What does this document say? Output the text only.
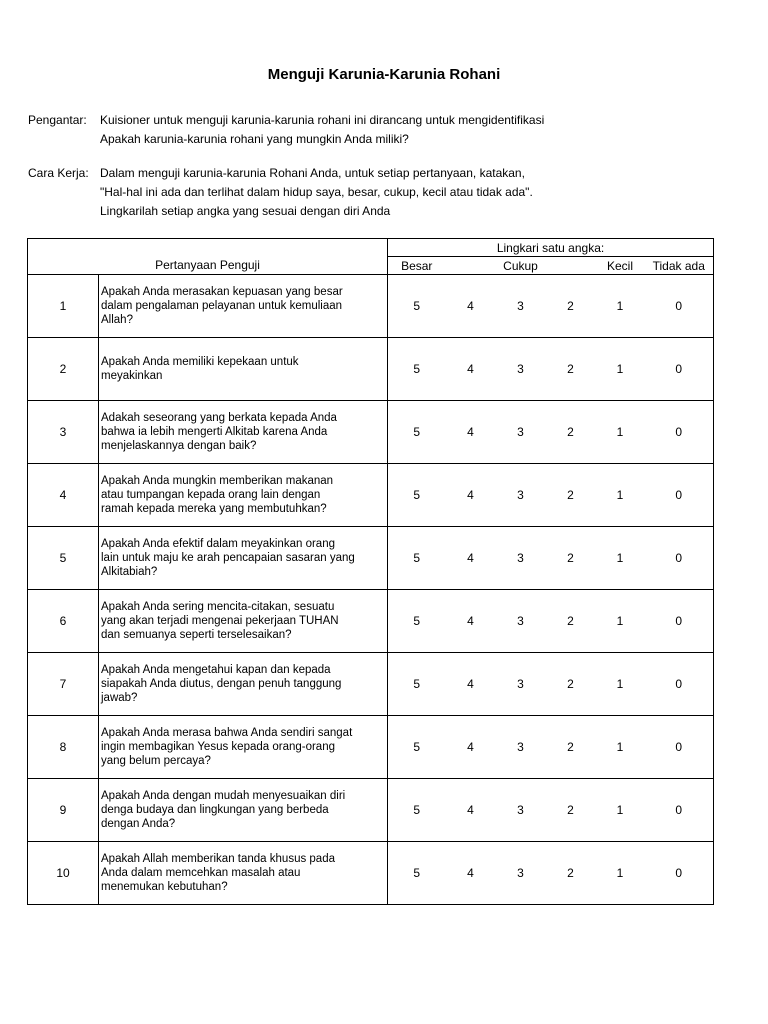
Menguji Karunia-Karunia Rohani
Pengantar:	Kuisioner untuk menguji karunia-karunia rohani ini dirancang untuk mengidentifikasi
Apakah karunia-karunia rohani yang mungkin Anda miliki?
Cara Kerja: Dalam menguji karunia-karunia Rohani Anda, untuk setiap pertanyaan, katakan,
"Hal-hal ini ada dan terlihat dalam hidup saya, besar, cukup, kecil atau tidak ada".
Lingkarilah setiap angka yang sesuai dengan diri Anda
Pertanyaan Penguji		Lingkari satu angka:					
		Besar		Cukup		Kecil	Tidak ada
1	Apakah Anda merasakan kepuasan yang besar
dalam pengalaman pelayanan untuk kemuliaan
Allah?	5	4	3	2	1	0
2	Apakah Anda memiliki kepekaan untuk
meyakinkan	5	4	3	2	1	0
3	Adakah seseorang yang berkata kepada Anda
bahwa ia lebih mengerti Alkitab karena Anda
menjelaskannya dengan baik?	5	4	3	2	1	0
4	Apakah Anda mungkin memberikan makanan
atau tumpangan kepada orang lain dengan
ramah kepada mereka yang membutuhkan?	5	4	3	2	1	0
5	Apakah Anda efektif dalam meyakinkan orang
lain untuk maju ke arah pencapaian sasaran yang
Alkitabiah?	5	4	3	2	1	0
6	Apakah Anda sering mencita-citakan, sesuatu
yang akan terjadi mengenai pekerjaan TUHAN
dan semuanya seperti terselesaikan?	5	4	3	2	1	0
7	Apakah Anda mengetahui kapan dan kepada
siapakah Anda diutus, dengan penuh tanggung
jawab?	5	4	3	2	1	0
8	Apakah Anda merasa bahwa Anda sendiri sangat
ingin membagikan Yesus kepada orang-orang
yang belum percaya?	5	4	3	2	1	0
9	Apakah Anda dengan mudah menyesuaikan diri
denga budaya dan lingkungan yang berbeda
dengan Anda?	5	4	3	2	1	0
10	Apakah Allah memberikan tanda khusus pada
Anda dalam memcehkan masalah atau
menemukan kebutuhan?	5	4	3	2	1	0
